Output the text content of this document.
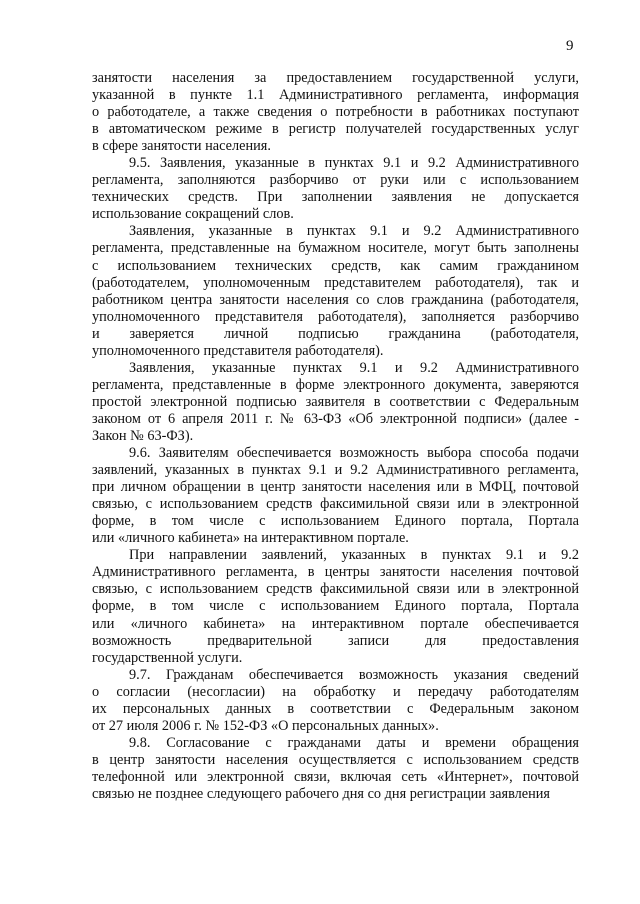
9
занятости населения за предоставлением государственной услуги,
указанной в пункте 1.1 Административного регламента, информация
о работодателе, а также сведения о потребности в работниках поступают
в автоматическом режиме в регистр получателей государственных услуг
в сфере занятости населения.
9.5. Заявления, указанные в пунктах 9.1 и 9.2 Административного
регламента, заполняются разборчиво от руки или с использованием
технических средств. При заполнении заявления не допускается
использование сокращений слов.
Заявления, указанные в пунктах 9.1 и 9.2 Административного
регламента, представленные на бумажном носителе, могут быть заполнены
с использованием технических средств, как самим гражданином
(работодателем, уполномоченным представителем работодателя), так и
работником центра занятости населения со слов гражданина (работодателя,
уполномоченного представителя работодателя), заполняется разборчиво
и заверяется личной подписью гражданина (работодателя,
уполномоченного представителя работодателя).
Заявления, указанные пунктах 9.1 и 9.2 Административного
регламента, представленные в форме электронного документа, заверяются
простой электронной подписью заявителя в соответствии с Федеральным
законом от 6 апреля 2011 г. № 63-ФЗ «Об электронной подписи» (далее -
Закон № 63-ФЗ).
9.6. Заявителям обеспечивается возможность выбора способа подачи
заявлений, указанных в пунктах 9.1 и 9.2 Административного регламента,
при личном обращении в центр занятости населения или в МФЦ, почтовой
связью, с использованием средств факсимильной связи или в электронной
форме, в том числе с использованием Единого портала, Портала
или «личного кабинета» на интерактивном портале.
При направлении заявлений, указанных в пунктах 9.1 и 9.2
Административного регламента, в центры занятости населения почтовой
связью, с использованием средств факсимильной связи или в электронной
форме, в том числе с использованием Единого портала, Портала
или «личного кабинета» на интерактивном портале обеспечивается
возможность предварительной записи для предоставления
государственной услуги.
9.7. Гражданам обеспечивается возможность указания сведений
о согласии (несогласии) на обработку и передачу работодателям
их персональных данных в соответствии с Федеральным законом
от 27 июля 2006 г. № 152-ФЗ «О персональных данных».
9.8. Согласование с гражданами даты и времени обращения
в центр занятости населения осуществляется с использованием средств
телефонной или электронной связи, включая сеть «Интернет», почтовой
связью не позднее следующего рабочего дня со дня регистрации заявления
